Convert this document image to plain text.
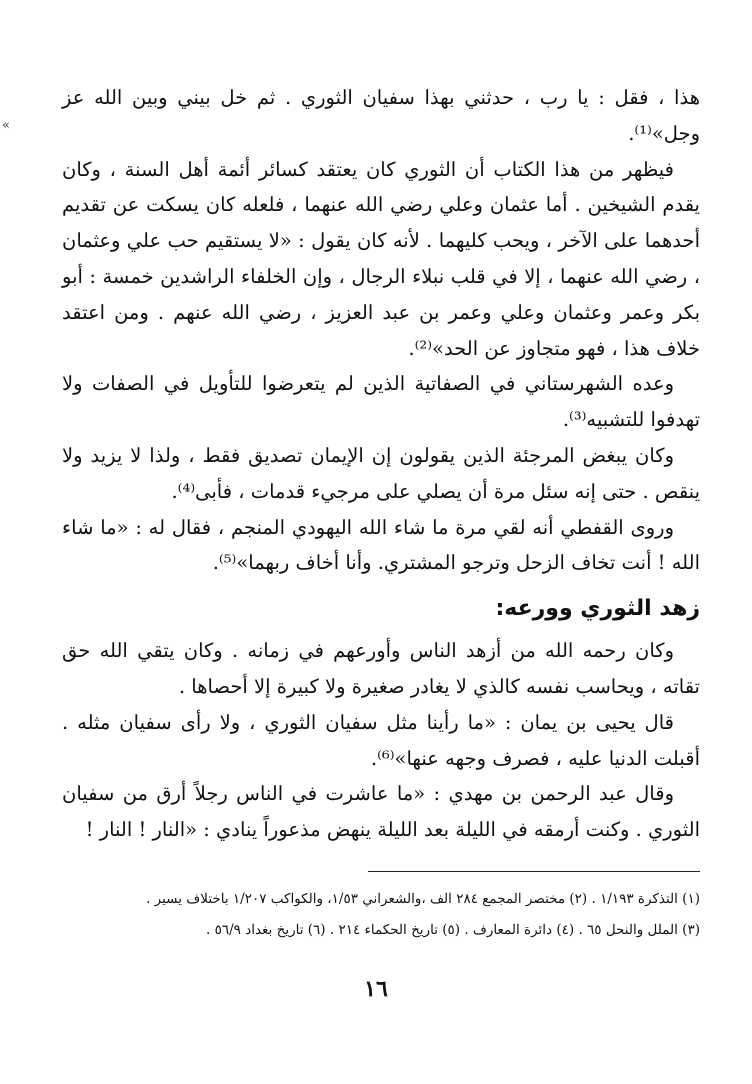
«

هذا ، فقل : يا رب ، حدثني بهذا سفيان الثوري . ثم خل بيني وبين الله عز وجل»⁽¹⁾.

فيظهر من هذا الكتاب أن الثوري كان يعتقد كسائر أئمة أهل السنة ، وكان يقدم الشيخين . أما عثمان وعلي رضي الله عنهما ، فلعله كان يسكت عن تقديم أحدهما على الآخر ، ويحب كليهما . لأنه كان يقول : «لا يستقيم حب علي وعثمان ، رضي الله عنهما ، إلا في قلب نبلاء الرجال ، وإن الخلفاء الراشدين خمسة : أبو بكر وعمر وعثمان وعلي وعمر بن عبد العزيز ، رضي الله عنهم . ومن اعتقد خلاف هذا ، فهو متجاوز عن الحد»⁽²⁾.

وعده الشهرستاني في الصفاتية الذين لم يتعرضوا للتأويل في الصفات ولا تهدفوا للتشبيه⁽³⁾.

وكان يبغض المرجئة الذين يقولون إن الإيمان تصديق فقط ، ولذا لا يزيد ولا ينقص . حتى إنه سئل مرة أن يصلي على مرجيء قدمات ، فأبى⁽⁴⁾.

وروى القفطي أنه لقي مرة ما شاء الله اليهودي المنجم ، فقال له : «ما شاء الله ! أنت تخاف الزحل وترجو المشتري. وأنا أخاف ربهما»⁽⁵⁾.

زهد الثوري وورعه:

وكان رحمه الله من أزهد الناس وأورعهم في زمانه . وكان يتقي الله حق تقاته ، ويحاسب نفسه كالذي لا يغادر صغيرة ولا كبيرة إلا أحصاها .

قال يحيى بن يمان : «ما رأينا مثل سفيان الثوري ، ولا رأى سفيان مثله . أقبلت الدنيا عليه ، فصرف وجهه عنها»⁽⁶⁾.

وقال عبد الرحمن بن مهدي : «ما عاشرت في الناس رجلاً أرق من سفيان الثوري . وكنت أرمقه في الليلة بعد الليلة ينهض مذعوراً ينادي : «النار ! النار !

(١) التذكرة ١/١٩٣ . (٢) مختصر المجمع ٢٨٤ الف ،والشعراني ١/٥٣، والكواكب ١/٢٠٧ باختلاف يسير .

(٣) الملل والنحل ٦٥ . (٤) دائرة المعارف . (٥) تاريخ الحكماء ٢١٤ . (٦) تاريخ بغداد ٥٦/٩ .

١٦
